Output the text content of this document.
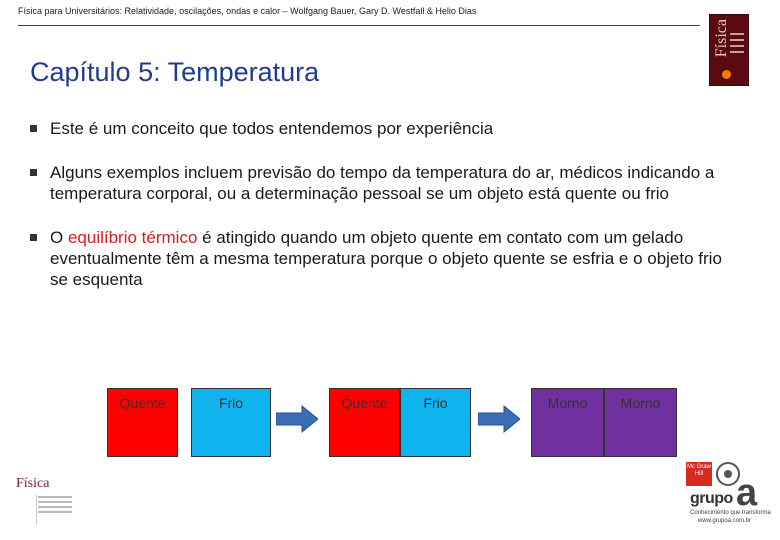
Física para Universitários: Relatividade, oscilações, ondas e calor – Wolfgang Bauer, Gary D. Westfall & Helio Dias
Física
Capítulo 5: Temperatura
Este é um conceito que todos entendemos por experiência
Alguns exemplos incluem previsão do tempo da temperatura do ar, médicos indicando a temperatura corporal, ou a determinação pessoal se um objeto está quente ou frio
O equilíbrio térmico é atingido quando um objeto quente em contato com um gelado eventualmente têm a mesma temperatura porque o objeto quente se esfria e o objeto frio se esquenta
Quente	Frio	Quente	Frio	Morno	Morno
Física
Mc Graw Hill
grupo a
Conhecimento que transforma
www.grupoa.com.br
